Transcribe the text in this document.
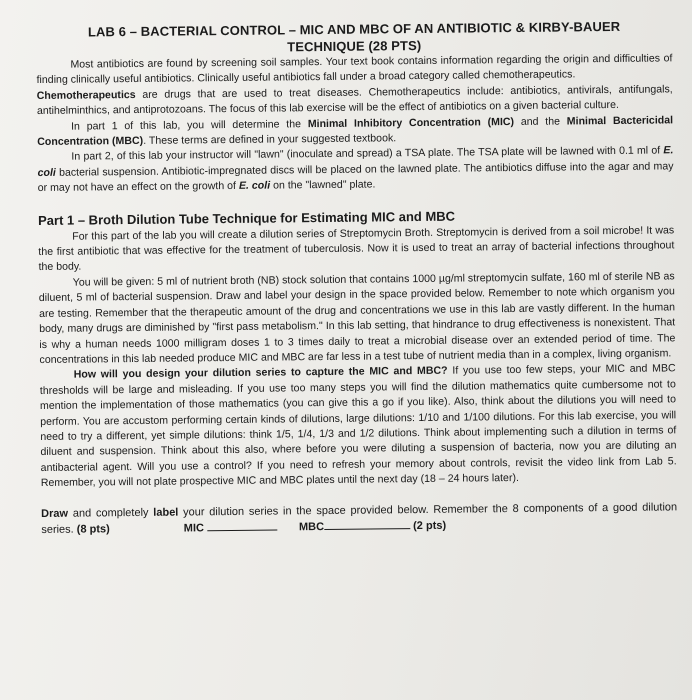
LAB 6 – BACTERIAL CONTROL – MIC AND MBC OF AN ANTIBIOTIC & KIRBY-BAUER
TECHNIQUE (28 PTS)

Most antibiotics are found by screening soil samples. Your text book contains information regarding the origin and difficulties of finding clinically useful antibiotics. Clinically useful antibiotics fall under a broad category called chemotherapeutics.

Chemotherapeutics are drugs that are used to treat diseases. Chemotherapeutics include: antibiotics, antivirals, antifungals, antihelminthics, and antiprotozoans. The focus of this lab exercise will be the effect of antibiotics on a given bacterial culture.

In part 1 of this lab, you will determine the Minimal Inhibitory Concentration (MIC) and the Minimal Bactericidal Concentration (MBC). These terms are defined in your suggested textbook.

In part 2, of this lab your instructor will "lawn" (inoculate and spread) a TSA plate. The TSA plate will be lawned with 0.1 ml of E. coli bacterial suspension. Antibiotic-impregnated discs will be placed on the lawned plate. The antibiotics diffuse into the agar and may or may not have an effect on the growth of E. coli on the "lawned" plate.

Part 1 – Broth Dilution Tube Technique for Estimating MIC and MBC

For this part of the lab you will create a dilution series of Streptomycin Broth. Streptomycin is derived from a soil microbe! It was the first antibiotic that was effective for the treatment of tuberculosis. Now it is used to treat an array of bacterial infections throughout the body.

You will be given: 5 ml of nutrient broth (NB) stock solution that contains 1000 µg/ml streptomycin sulfate, 160 ml of sterile NB as diluent, 5 ml of bacterial suspension. Draw and label your design in the space provided below. Remember to note which organism you are testing. Remember that the therapeutic amount of the drug and concentrations we use in this lab are vastly different. In the human body, many drugs are diminished by "first pass metabolism." In this lab setting, that hindrance to drug effectiveness is nonexistent. That is why a human needs 1000 milligram doses 1 to 3 times daily to treat a microbial disease over an extended period of time. The concentrations in this lab needed produce MIC and MBC are far less in a test tube of nutrient media than in a complex, living organism.

How will you design your dilution series to capture the MIC and MBC? If you use too few steps, your MIC and MBC thresholds will be large and misleading. If you use too many steps you will find the dilution mathematics quite cumbersome not to mention the implementation of those mathematics (you can give this a go if you like). Also, think about the dilutions you will need to perform. You are accustom performing certain kinds of dilutions, large dilutions: 1/10 and 1/100 dilutions. For this lab exercise, you will need to try a different, yet simple dilutions: think 1/5, 1/4, 1/3 and 1/2 dilutions. Think about implementing such a dilution in terms of diluent and suspension. Think about this also, where before you were diluting a suspension of bacteria, now you are diluting an antibacterial agent. Will you use a control? If you need to refresh your memory about controls, revisit the video link from Lab 5. Remember, you will not plate prospective MIC and MBC plates until the next day (18 – 24 hours later).

Draw and completely label your dilution series in the space provided below. Remember the 8 components of a good dilution series. (8 pts)	MIC	MBC	(2 pts)
